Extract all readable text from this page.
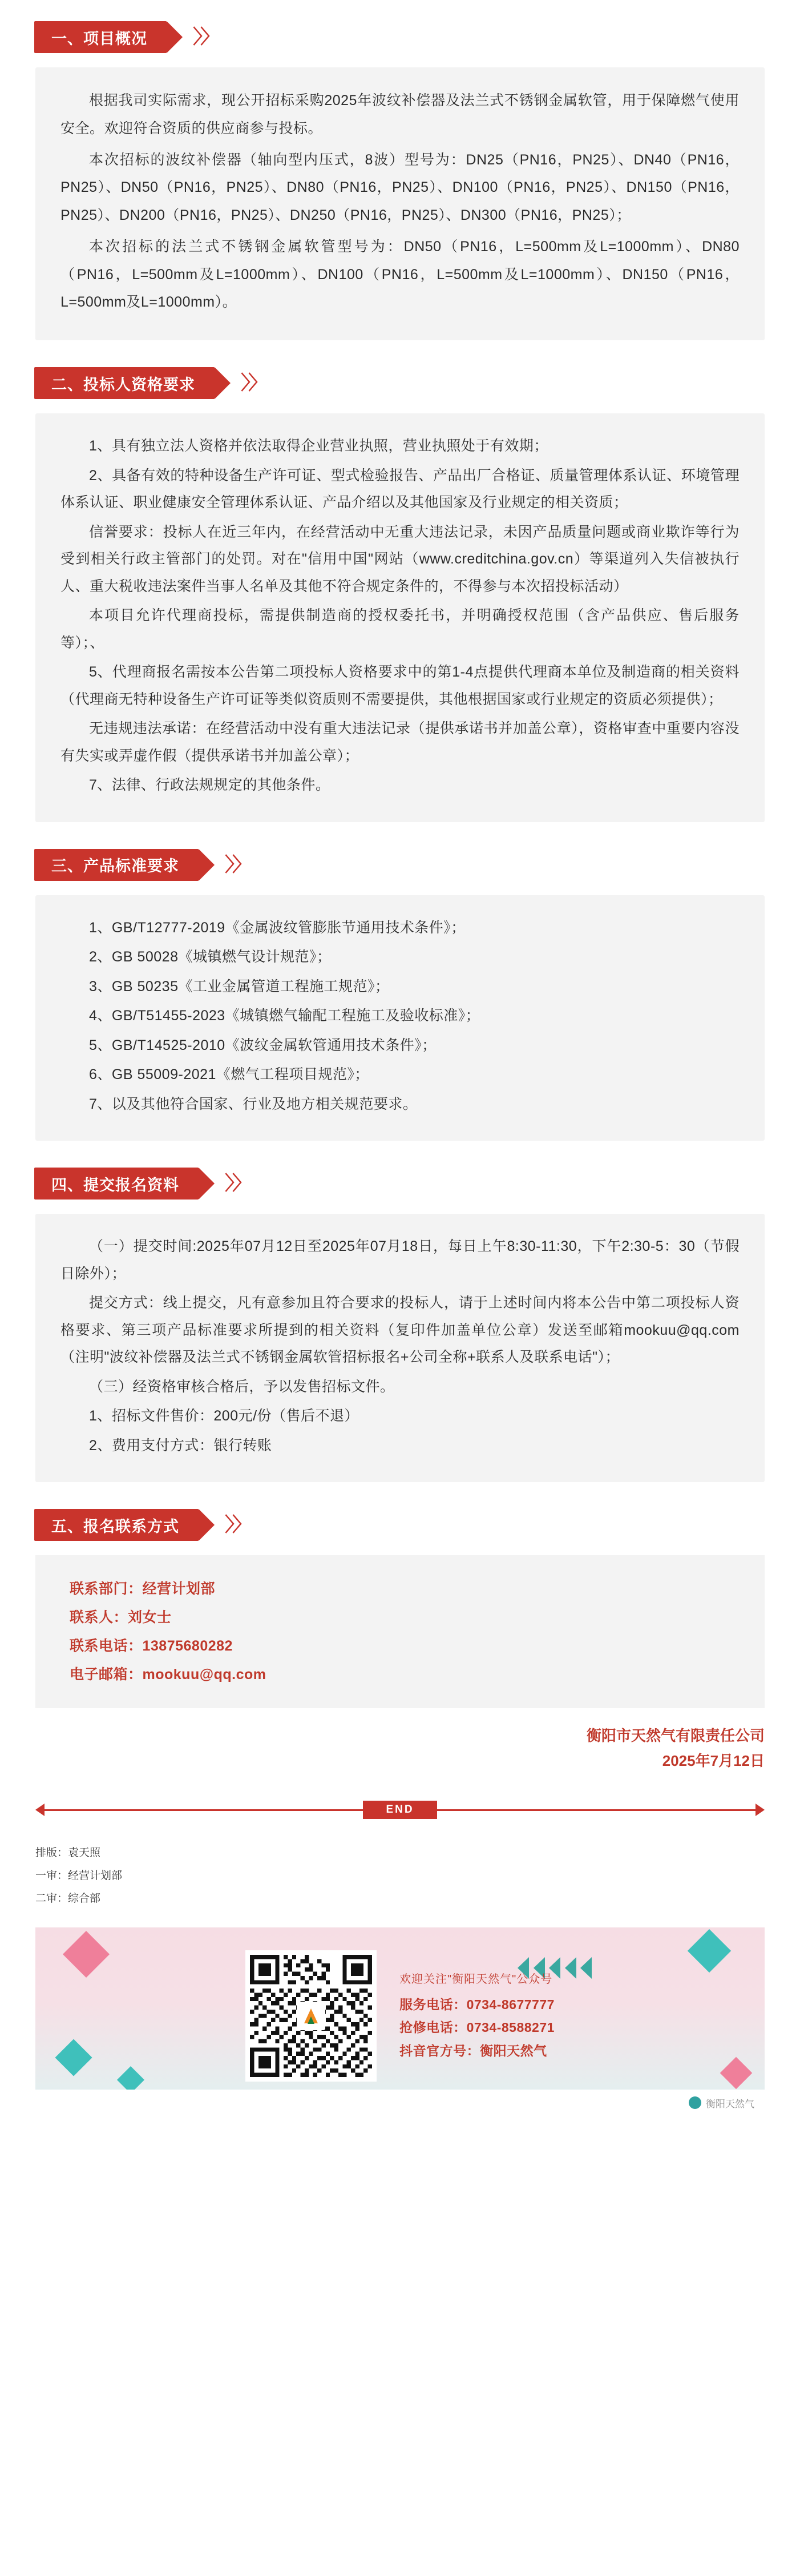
一、项目概况	〉〉

根据我司实际需求，现公开招标采购2025年波纹补偿器及法兰式不锈钢金属软管，用于保障燃气使用安全。欢迎符合资质的供应商参与投标。

本次招标的波纹补偿器（轴向型内压式，8波）型号为：DN25（PN16，PN25）、DN40（PN16，PN25）、DN50（PN16，PN25）、DN80（PN16，PN25）、DN100（PN16，PN25）、DN150（PN16，PN25）、DN200（PN16，PN25）、DN250（PN16，PN25）、DN300（PN16，PN25）；

本次招标的法兰式不锈钢金属软管型号为：DN50（PN16，L=500mm及L=1000mm）、DN80（PN16，L=500mm及L=1000mm）、DN100（PN16，L=500mm及L=1000mm）、DN150（PN16，L=500mm及L=1000mm）。

二、投标人资格要求	〉〉

1、具有独立法人资格并依法取得企业营业执照，营业执照处于有效期；

2、具备有效的特种设备生产许可证、型式检验报告、产品出厂合格证、质量管理体系认证、环境管理体系认证、职业健康安全管理体系认证、产品介绍以及其他国家及行业规定的相关资质；

信誉要求：投标人在近三年内，在经营活动中无重大违法记录，未因产品质量问题或商业欺诈等行为受到相关行政主管部门的处罚。对在"信用中国"网站（www.creditchina.gov.cn）等渠道列入失信被执行人、重大税收违法案件当事人名单及其他不符合规定条件的，不得参与本次招投标活动）

本项目允许代理商投标，需提供制造商的授权委托书，并明确授权范围（含产品供应、售后服务等）；、

5、代理商报名需按本公告第二项投标人资格要求中的第1-4点提供代理商本单位及制造商的相关资料（代理商无特种设备生产许可证等类似资质则不需要提供，其他根据国家或行业规定的资质必须提供）；

无违规违法承诺：在经营活动中没有重大违法记录（提供承诺书并加盖公章），资格审查中重要内容没有失实或弄虚作假（提供承诺书并加盖公章）；

7、法律、行政法规规定的其他条件。

三、产品标准要求	〉〉

1、GB/T12777-2019《金属波纹管膨胀节通用技术条件》；

2、GB 50028《城镇燃气设计规范》；

3、GB 50235《工业金属管道工程施工规范》；

4、GB/T51455-2023《城镇燃气输配工程施工及验收标准》；

5、GB/T14525-2010《波纹金属软管通用技术条件》；

6、GB 55009-2021《燃气工程项目规范》；

7、以及其他符合国家、行业及地方相关规范要求。

四、提交报名资料	〉〉

（一）提交时间:2025年07月12日至2025年07月18日，每日上午8:30-11:30，下午2:30-5：30（节假日除外）；

提交方式：线上提交，凡有意参加且符合要求的投标人，请于上述时间内将本公告中第二项投标人资格要求、第三项产品标准要求所提到的相关资料（复印件加盖单位公章）发送至邮箱mookuu@qq.com（注明"波纹补偿器及法兰式不锈钢金属软管招标报名+公司全称+联系人及联系电话"）；

（三）经资格审核合格后，予以发售招标文件。

1、招标文件售价：200元/份（售后不退）

2、费用支付方式：银行转账

五、报名联系方式	〉〉
联系部门：经营计划部
联系人：刘女士
联系电话：13875680282
电子邮箱：mookuu@qq.com
衡阳市天然气有限责任公司
2025年7月12日
END
排版：袁天照
一审：经营计划部
二审：综合部

欢迎关注"衡阳天然气"公众号
服务电话：0734-8677777
抢修电话：0734-8588271
抖音官方号：衡阳天然气
衡阳天然气
